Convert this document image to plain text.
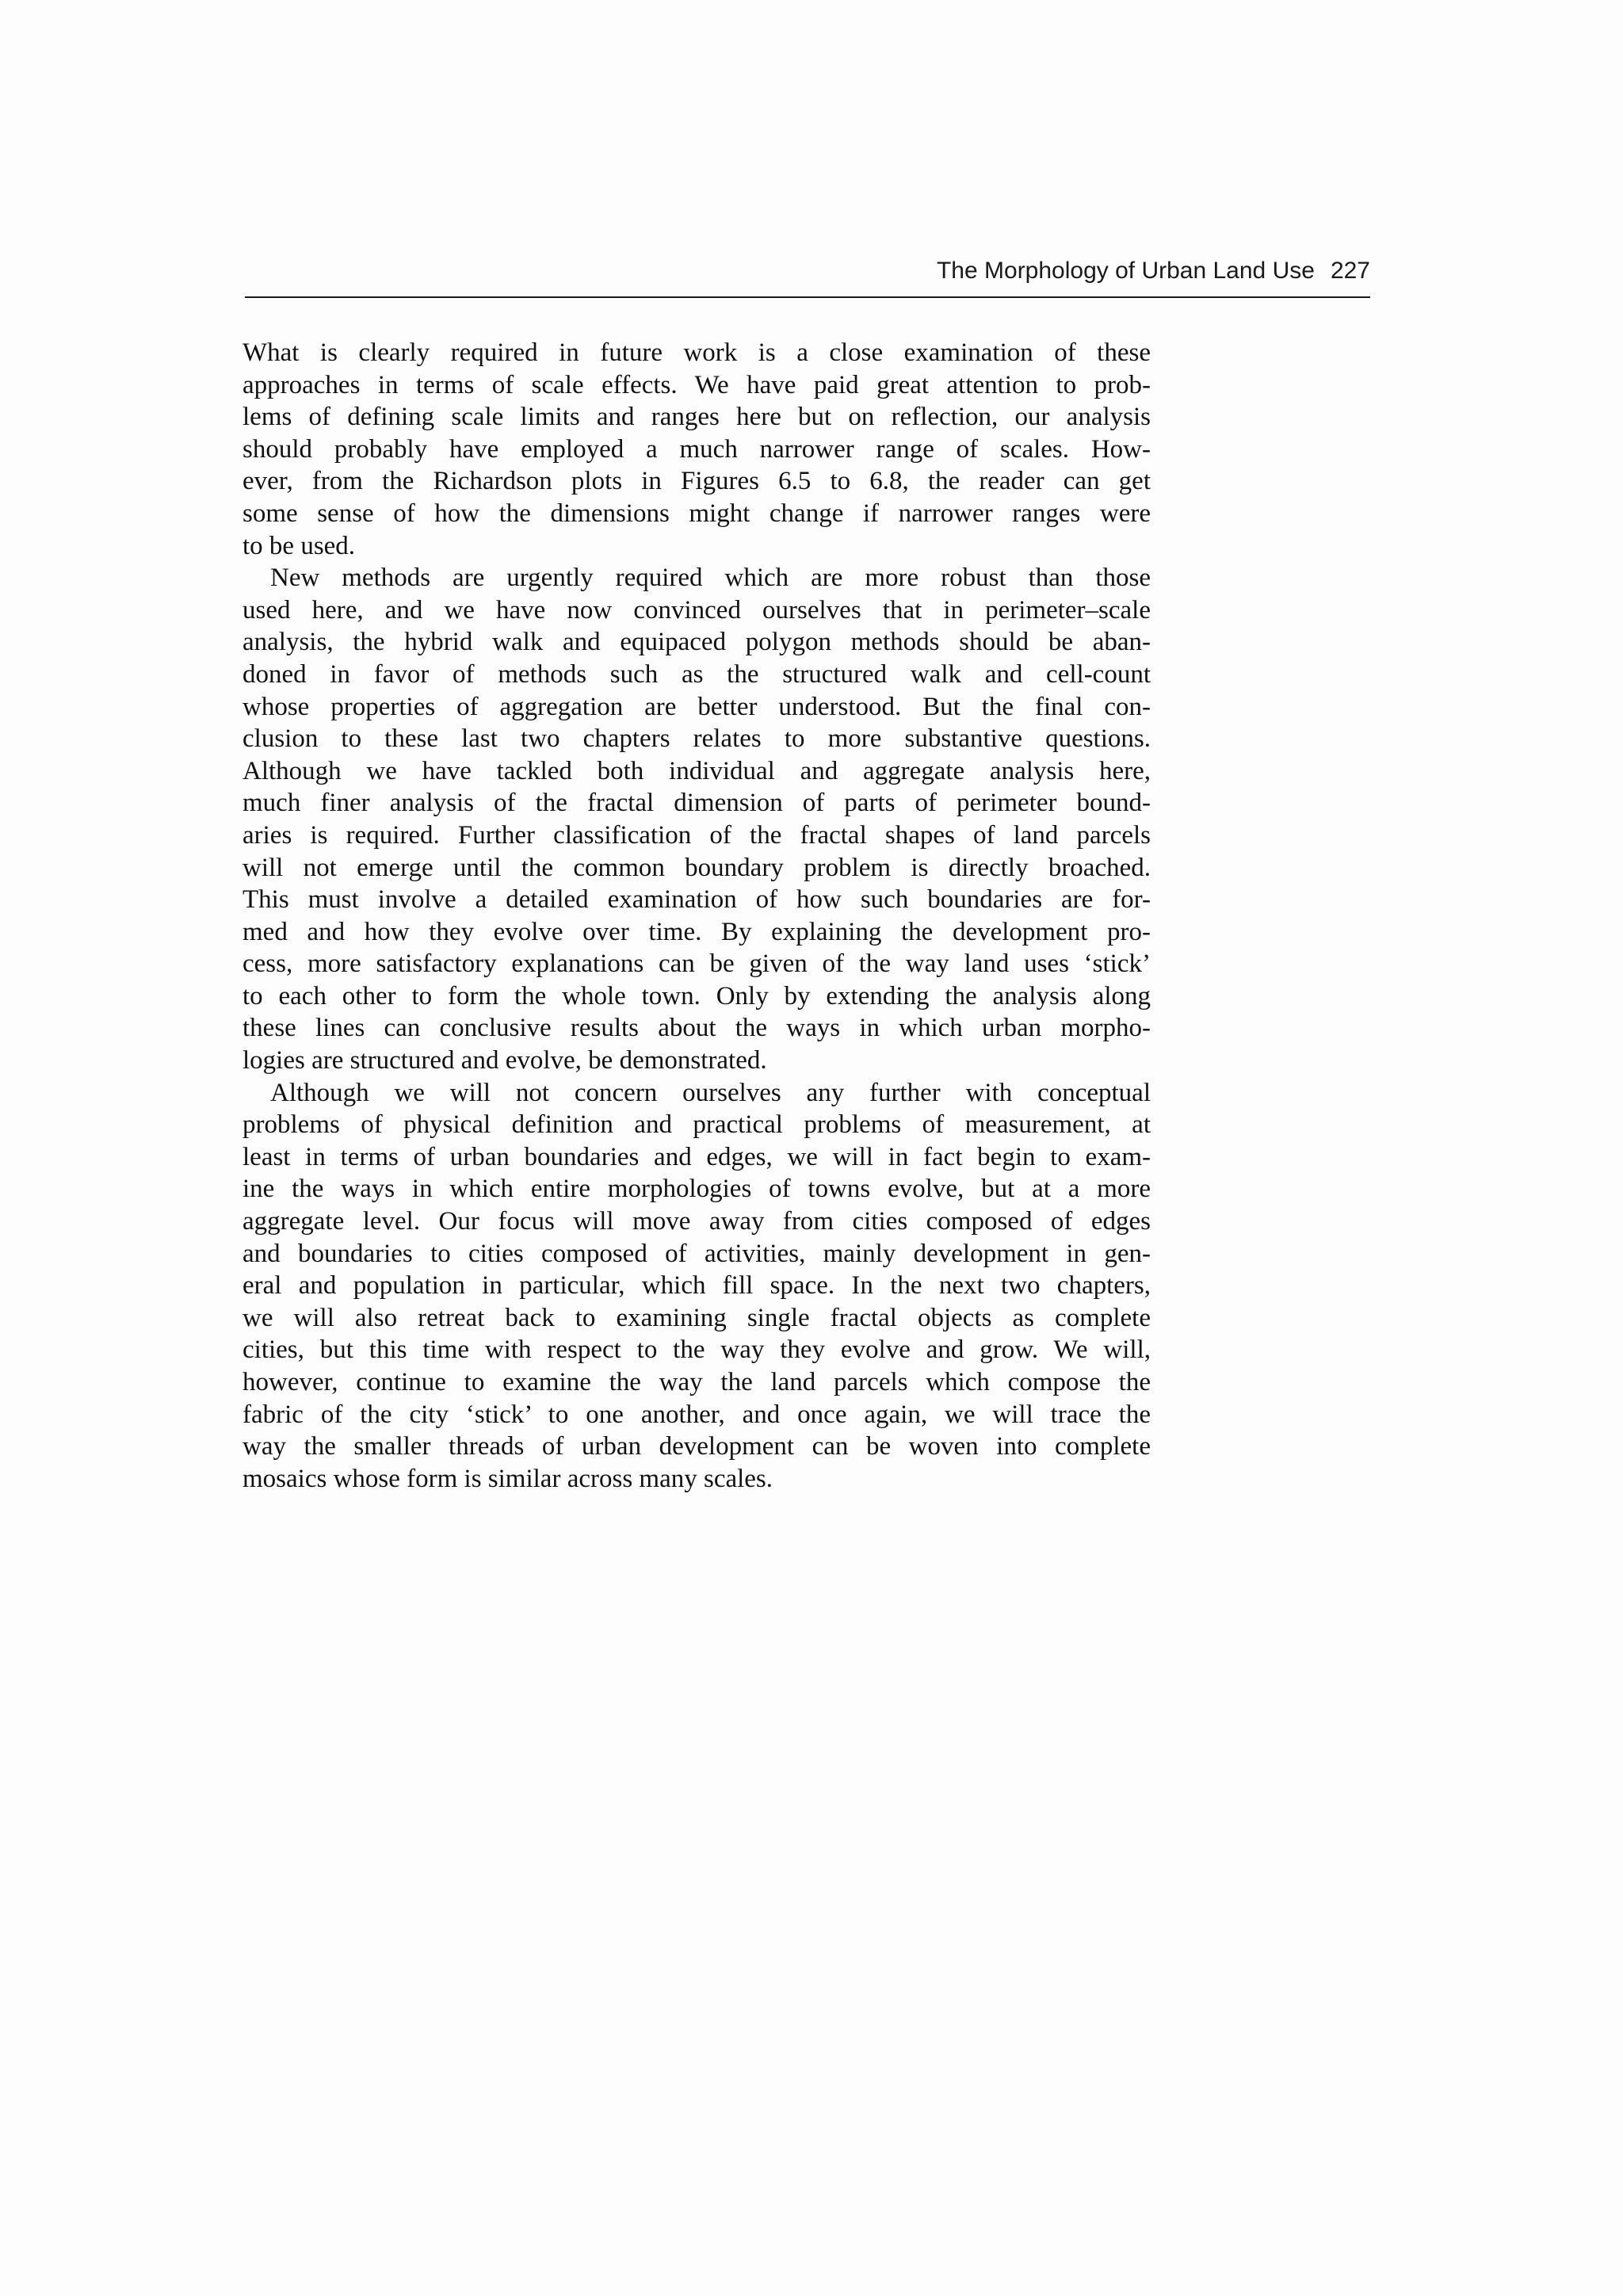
The Morphology of Urban Land Use 227

What is clearly required in future work is a close examination of these
approaches in terms of scale effects. We have paid great attention to prob-
lems of defining scale limits and ranges here but on reflection, our analysis
should probably have employed a much narrower range of scales. How-
ever, from the Richardson plots in Figures 6.5 to 6.8, the reader can get
some sense of how the dimensions might change if narrower ranges were
to be used.

New methods are urgently required which are more robust than those
used here, and we have now convinced ourselves that in perimeter–scale
analysis, the hybrid walk and equipaced polygon methods should be aban-
doned in favor of methods such as the structured walk and cell-count
whose properties of aggregation are better understood. But the final con-
clusion to these last two chapters relates to more substantive questions.
Although we have tackled both individual and aggregate analysis here,
much finer analysis of the fractal dimension of parts of perimeter bound-
aries is required. Further classification of the fractal shapes of land parcels
will not emerge until the common boundary problem is directly broached.
This must involve a detailed examination of how such boundaries are for-
med and how they evolve over time. By explaining the development pro-
cess, more satisfactory explanations can be given of the way land uses ‘stick’
to each other to form the whole town. Only by extending the analysis along
these lines can conclusive results about the ways in which urban morpho-
logies are structured and evolve, be demonstrated.

Although we will not concern ourselves any further with conceptual
problems of physical definition and practical problems of measurement, at
least in terms of urban boundaries and edges, we will in fact begin to exam-
ine the ways in which entire morphologies of towns evolve, but at a more
aggregate level. Our focus will move away from cities composed of edges
and boundaries to cities composed of activities, mainly development in gen-
eral and population in particular, which fill space. In the next two chapters,
we will also retreat back to examining single fractal objects as complete
cities, but this time with respect to the way they evolve and grow. We will,
however, continue to examine the way the land parcels which compose the
fabric of the city ‘stick’ to one another, and once again, we will trace the
way the smaller threads of urban development can be woven into complete
mosaics whose form is similar across many scales.
